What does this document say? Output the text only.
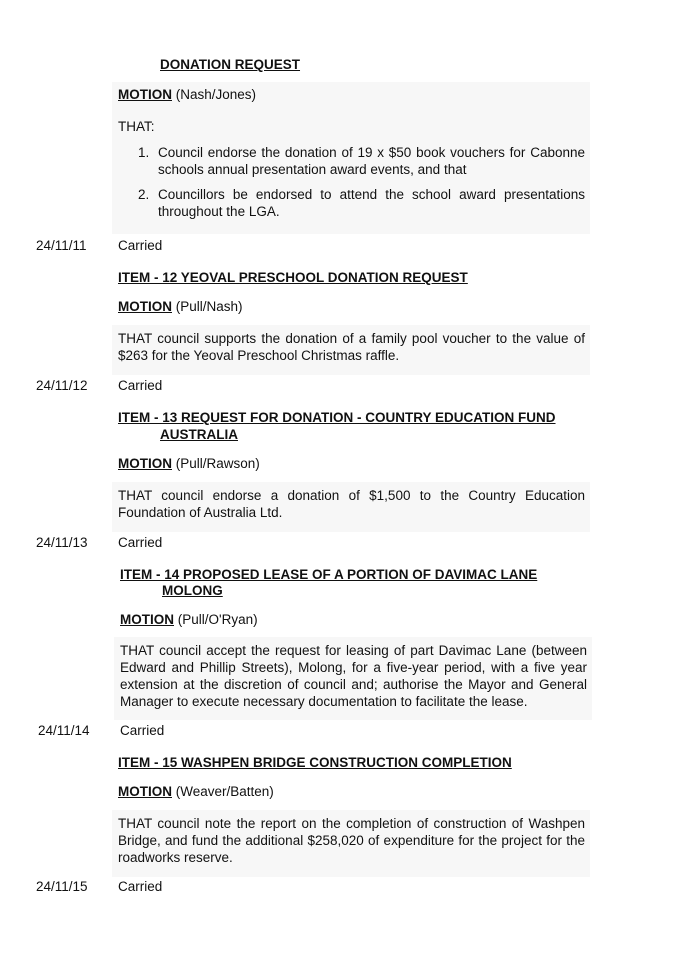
DONATION REQUEST
MOTION (Nash/Jones)
THAT:
1. Council endorse the donation of 19 x $50 book vouchers for Cabonne schools annual presentation award events, and that
2. Councillors be endorsed to attend the school award presentations throughout the LGA.
24/11/11 Carried
ITEM - 12 YEOVAL PRESCHOOL DONATION REQUEST
MOTION (Pull/Nash)
THAT council supports the donation of a family pool voucher to the value of $263 for the Yeoval Preschool Christmas raffle.
24/11/12 Carried
ITEM - 13 REQUEST FOR DONATION - COUNTRY EDUCATION FUND
AUSTRALIA
MOTION (Pull/Rawson)
THAT council endorse a donation of $1,500 to the Country Education Foundation of Australia Ltd.
24/11/13 Carried
ITEM - 14 PROPOSED LEASE OF A PORTION OF DAVIMAC LANE
MOLONG
MOTION (Pull/O'Ryan)
THAT council accept the request for leasing of part Davimac Lane (between Edward and Phillip Streets), Molong, for a five-year period, with a five year extension at the discretion of council and; authorise the Mayor and General Manager to execute necessary documentation to facilitate the lease.
24/11/14 Carried
ITEM - 15 WASHPEN BRIDGE CONSTRUCTION COMPLETION
MOTION (Weaver/Batten)
THAT council note the report on the completion of construction of Washpen Bridge, and fund the additional $258,020 of expenditure for the project for the roadworks reserve.
24/11/15 Carried
